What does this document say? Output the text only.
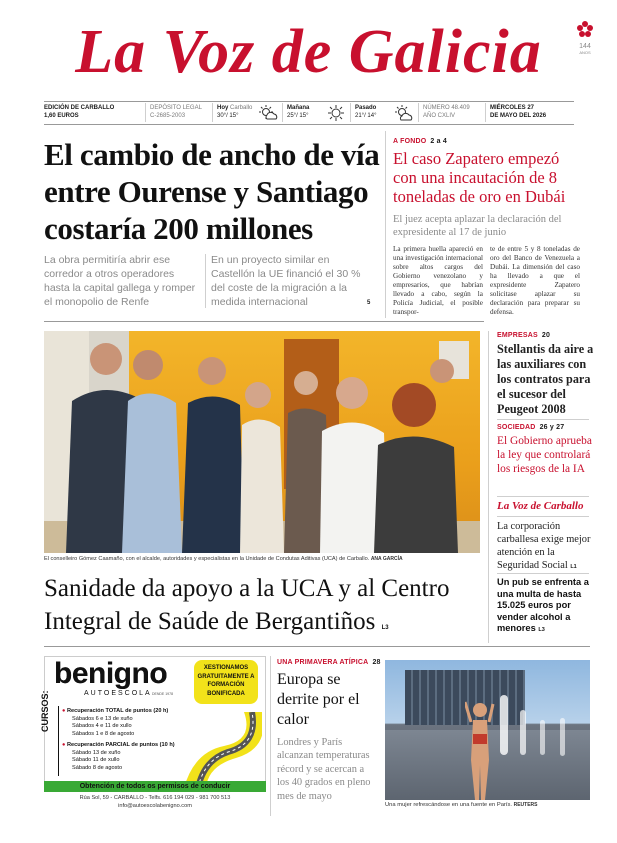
La Voz de Galicia	144
ANOS
EDICIÓN DE CARBALLO
1,60 EUROS
DEPÓSITO LEGAL
C-2685-2003
Hoy Carballo
30°/ 15°
Mañana
25°/ 15°
Pasado
21°/ 14°
NÚMERO 48.409
AÑO CXLIV
MIÉRCOLES 27
DE MAYO DEL 2026
El cambio de ancho de vía entre Ourense y Santiago costaría 200 millones
La obra permitiría abrir ese corredor a otros operadores hasta la capital gallega y romper el monopolio de Renfe
En un proyecto similar en Castellón la UE financió el 30 % del coste de la migración a la medida internacional	5
A FONDO 2 a 4
El caso Zapatero empezó con una incautación de 8 toneladas de oro en Dubái
El juez acepta aplazar la declaración del expresidente al 17 de junio
La primera huella apareció en una investigación internacional sobre altos cargos del Gobierno venezolano y empresarios, que habrían llevado a cabo, según la Policía Judicial, el posible transpor-
te de entre 5 y 8 toneladas de oro del Banco de Venezuela a Dubái. La dimensión del caso ha llevado a que el expresidente Zapatero solicitase aplazar su declaración para preparar su defensa.
El conselleiro Gómez Caamaño, con el alcalde, autoridades y especialistas en la Unidade de Condutas Aditivas (UCA) de Carballo. ANA GARCÍA
Sanidade da apoyo a la UCA y al Centro Integral de Saúde de Bergantiños L3
EMPRESAS 20
Stellantis da aire a las auxiliares con los contratos para el sucesor del Peugeot 2008
SOCIEDAD 26 y 27
El Gobierno aprueba la ley que controlará los riesgos de la IA
La Voz de Carballo
La corporación carballesa exige mejor atención en la Seguridad Social L1
Un pub se enfrenta a una multa de hasta 15.025 euros por vender alcohol a menores L3
benigno
AUTOESCOLA DENDE 1978
XESTIONAMOS GRATUITAMENTE A FORMACIÓN BONIFICADA
CURSOS: ● Recuperación TOTAL de puntos (20 h)
Sábados 6 e 13 de xuño
Sábados 4 e 11 de xullo
Sábados 1 e 8 de agosto
● Recuperación PARCIAL de puntos (10 h)
Sábado 13 de xuño
Sábado 11 de xullo
Sábado 8 de agosto
Obtención de todos os permisos de conducir
Rúa Sol, 59 - CARBALLO - Telfs. 616 194 029 - 981 700 513
info@autoescolabenigno.com
UNA PRIMAVERA ATÍPICA 28
Europa se derrite por el calor
Londres y París alcanzan temperaturas récord y se acercan a los 40 grados en pleno mes de mayo
Una mujer refrescándose en una fuente en París. REUTERS
